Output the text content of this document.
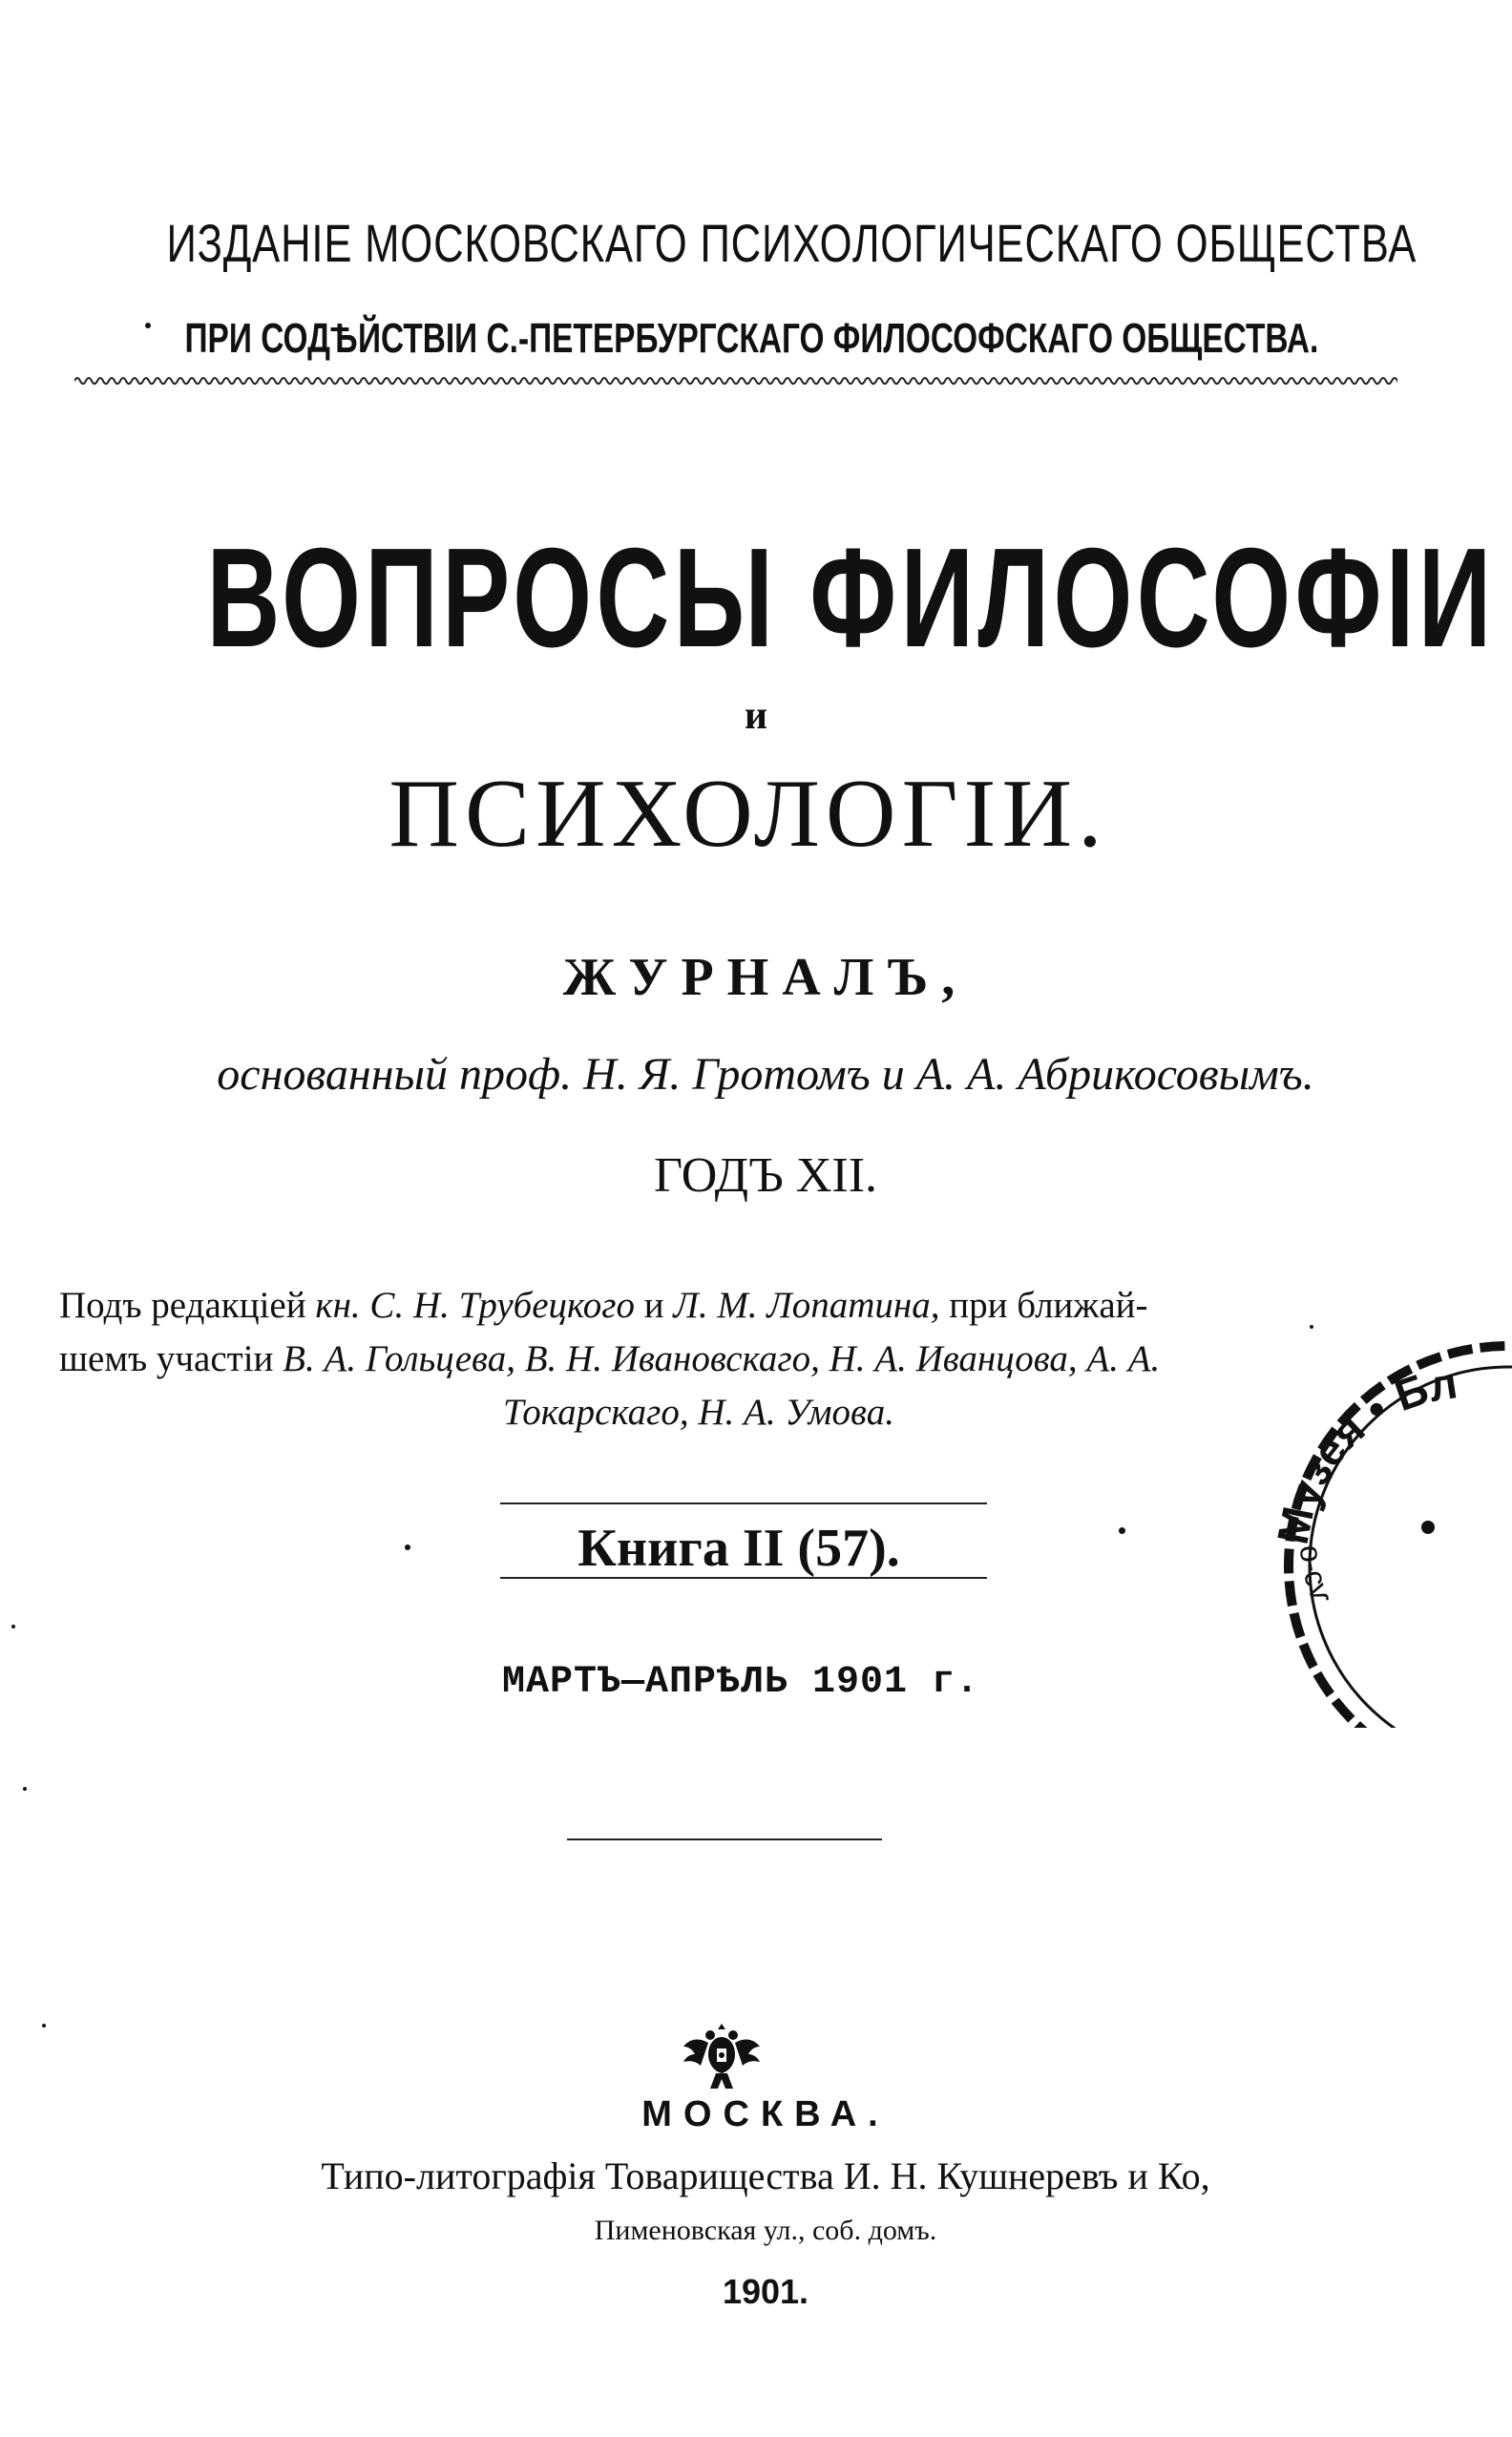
ИЗДАНІЕ МОСКОВСКАГО ПСИХОЛОГИЧЕСКАГО ОБЩЕСТВА
ПРИ СОДѢЙСТВІИ С.-ПЕТЕРБУРГСКАГО ФИЛОСОФСКАГО ОБЩЕСТВА.
ВОПРОСЫ ФИЛОСОФІИ
и
ПСИХОЛОГІИ.
ЖУРНАЛЪ,
основанный проф. Н. Я. Гротомъ и А. А. Абрикосовымъ.
ГОДЪ XII.
Подъ редакціей кн. С. Н. Трубецкого и Л. М. Лопатина, при ближай-
шемъ участіи В. А. Гольцева, В. Н. Ивановскаго, Н. А. Иванцова, А. А.
Токарскаго, Н. А. Умова.
Книга II (57).
МАРТЪ—АПРѢЛЬ 1901 г.
МОСКВА.
Типо-литографія Товарищества И. Н. Кушнеревъ и Ко,
Пименовская ул., соб. домъ.
1901.
Музея • Бл
о-сѵ
